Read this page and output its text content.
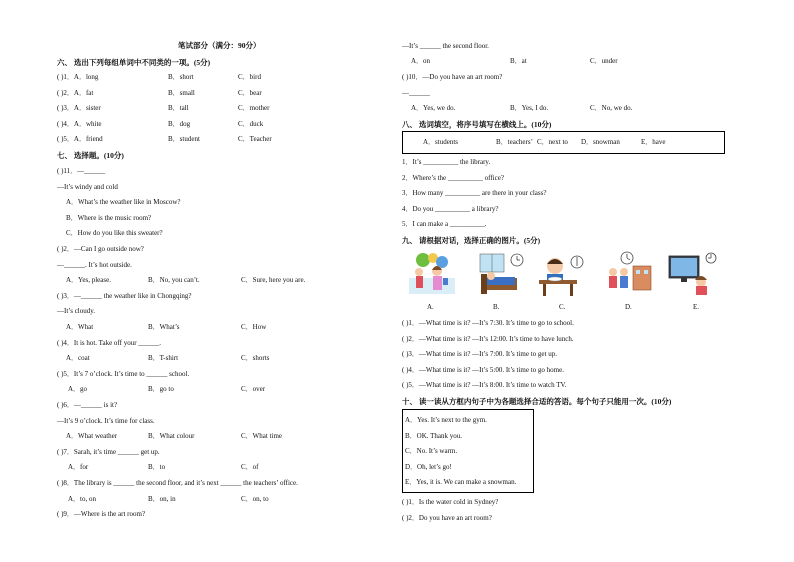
笔试部分（满分：90分）
六、 选出下列每组单词中不同类的一项。(5分)
( )1．A．long	B．short	C．bird
( )2．A．fat	B．small	C．bear
( )3．A．sister	B．tall	C．mother
( )4．A．white	B．dog	C．duck
( )5．A．friend	B．student	C．Teacher
七、 选择题。(10分)
( )11．—______
—It’s windy and cold
A．What’s the weather like in Moscow?
B．Where is the music room?
C．How do you like this sweater?
( )2．—Can I go outside now?
—______. It’s hot outside.
A．Yes, please.	B．No, you can’t.	C．Sure, here you are.
( )3．—______ the weather like in Chongqing?
—It’s cloudy.
A．What	B．What’s	C．How
( )4．It is hot. Take off your ______.
A．coat	B．T-shirt	C．shorts
( )5．It’s 7 o’clock. It’s time to ______ school.
A．go	B．go to	C．over
( )6．—______ is it?
—It’s 9 o’clock. It’s time for class.
A．What weather	B．What colour	C．What time
( )7．Sarah, it’s time ______ get up.
A．for	B．to	C．of
( )8．The library is ______ the second floor, and it’s next ______ the teachers’ office.
A．to, on	B．on, in	C．on, to
( )9．—Where is the art room?
—It’s ______ the second floor.
A．on	B．at	C．under
( )10．—Do you have an art room?
—______
A．Yes, we do.	B．Yes, I do.	C．No, we do.
八、 选词填空，将序号填写在横线上。(10分)
A．students	B．teachers’ C．next to D．snowman	E．have
1．It’s __________ the library.
2．Where’s the __________ office?
3．How many __________ are there in your class?
4．Do you __________ a library?
5．I can make a __________.
九、 请根据对话，选择正确的图片。(5分)
A.	B.	C.	D.	E.
( )1．—What time is it? —It’s 7:30. It’s time to go to school.
( )2．—What time is it? —It’s 12:00. It’s time to have lunch.
( )3．—What time is it? —It’s 7:00. It’s time to get up.
( )4．—What time is it? —It’s 5:00. It’s time to go home.
( )5．—What time is it? —It’s 8:00. It’s time to watch TV.
十、 读一读从方框内句子中为各题选择合适的答语。每个句子只能用一次。(10分)
A．Yes. It’s next to the gym.
B．OK. Thank you.
C．No. It’s warm.
D．Oh, let’s go!
E．Yes, it is. We can make a snowman.
( )1．Is the water cold in Sydney?
( )2．Do you have an art room?
